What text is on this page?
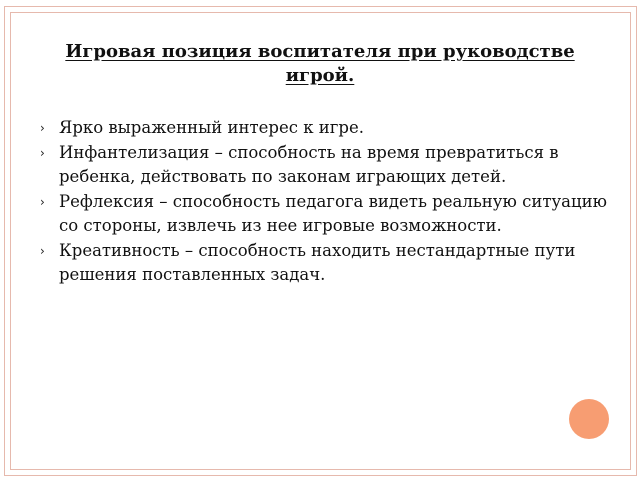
Игровая позиция воспитателя при руководстве игрой.
› Ярко выраженный интерес к игре.
› Инфантелизация – способность на время превратиться в ребенка, действовать по законам играющих детей.
› Рефлексия – способность педагога видеть реальную ситуацию со стороны, извлечь из нее игровые возможности.
› Креативность – способность находить нестандартные пути решения поставленных задач.
